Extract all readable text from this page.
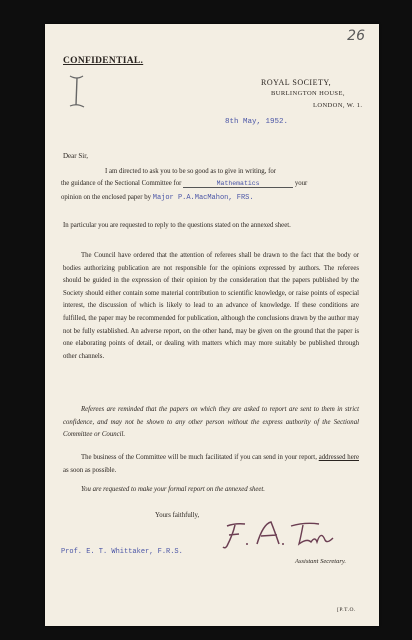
26
CONFIDENTIAL.
ROYAL SOCIETY,
BURLINGTON HOUSE,
LONDON, W. 1.
8th May, 1952.
Dear Sir,
I am directed to ask you to be so good as to give in writing, for
the guidance of the Sectional Committee for	Mathematics	your
opinion on the enclosed paper by Major P.A.MacMahon, FRS.
In particular you are requested to reply to the questions stated on the annexed sheet.
The Council have ordered that the attention of referees shall be drawn to the fact that the body or bodies authorizing publication are not responsible for the opinions expressed by authors. The referees should be guided in the expression of their opinion by the consideration that the papers published by the Society should either contain some material contribution to scientific knowledge, or raise points of especial interest, the discussion of which is likely to lead to an advance of knowledge. If these conditions are fulfilled, the paper may be recommended for publication, although the conclusions drawn by the author may not be fully established. An adverse report, on the other hand, may be given on the ground that the paper is one elaborating points of detail, or dealing with matters which may more suitably be published through other channels.
Referees are reminded that the papers on which they are asked to report are sent to them in strict confidence, and may not be shown to any other person without the express authority of the Sectional Committee or Council.
The business of the Committee will be much facilitated if you can send in your report, addressed here as soon as possible.
You are requested to make your formal report on the annexed sheet.
Yours faithfully,
Prof. E. T. Whittaker, F.R.S.
Assistant Secretary.
[P.T.O.
